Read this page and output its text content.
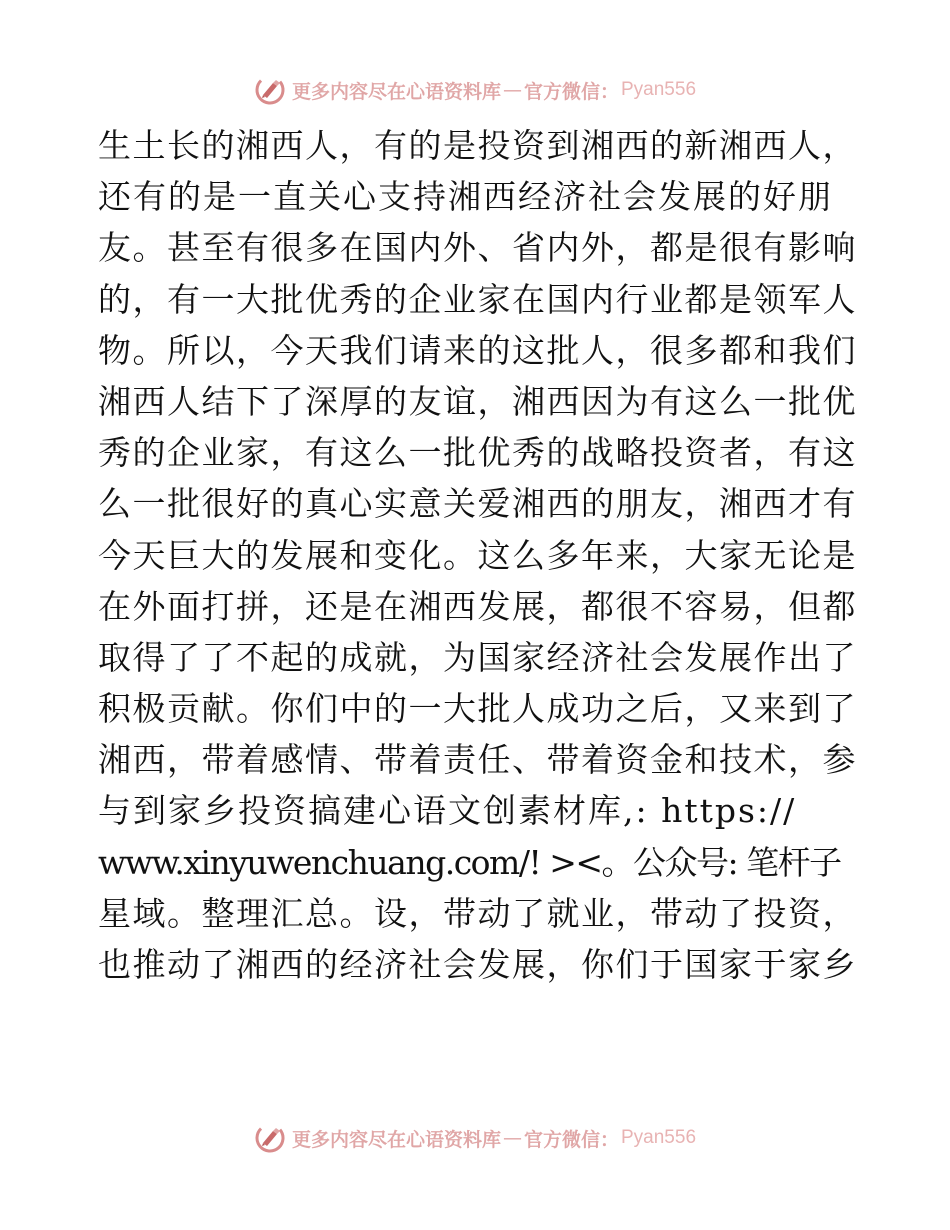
更多内容尽在心语资料库 — 官方微信： Pyan556
生土长的湘西人，有的是投资到湘西的新湘西人，
还有的是一直关心支持湘西经济社会发展的好朋
友。甚至有很多在国内外、省内外，都是很有影响
的，有一大批优秀的企业家在国内行业都是领军人
物。所以，今天我们请来的这批人，很多都和我们
湘西人结下了深厚的友谊，湘西因为有这么一批优
秀的企业家，有这么一批优秀的战略投资者，有这
么一批很好的真心实意关爱湘西的朋友，湘西才有
今天巨大的发展和变化。这么多年来，大家无论是
在外面打拼，还是在湘西发展，都很不容易，但都
取得了了不起的成就，为国家经济社会发展作出了
积极贡献。你们中的一大批人成功之后，又来到了
湘西，带着感情、带着责任、带着资金和技术，参
与到家乡投资搞建心语文创素材库,: https://
www.xinyuwenchuang.com/! ><。公众号: 笔杆子
星域。整理汇总。设，带动了就业，带动了投资，
也推动了湘西的经济社会发展，你们于国家于家乡
更多内容尽在心语资料库 — 官方微信： Pyan556
